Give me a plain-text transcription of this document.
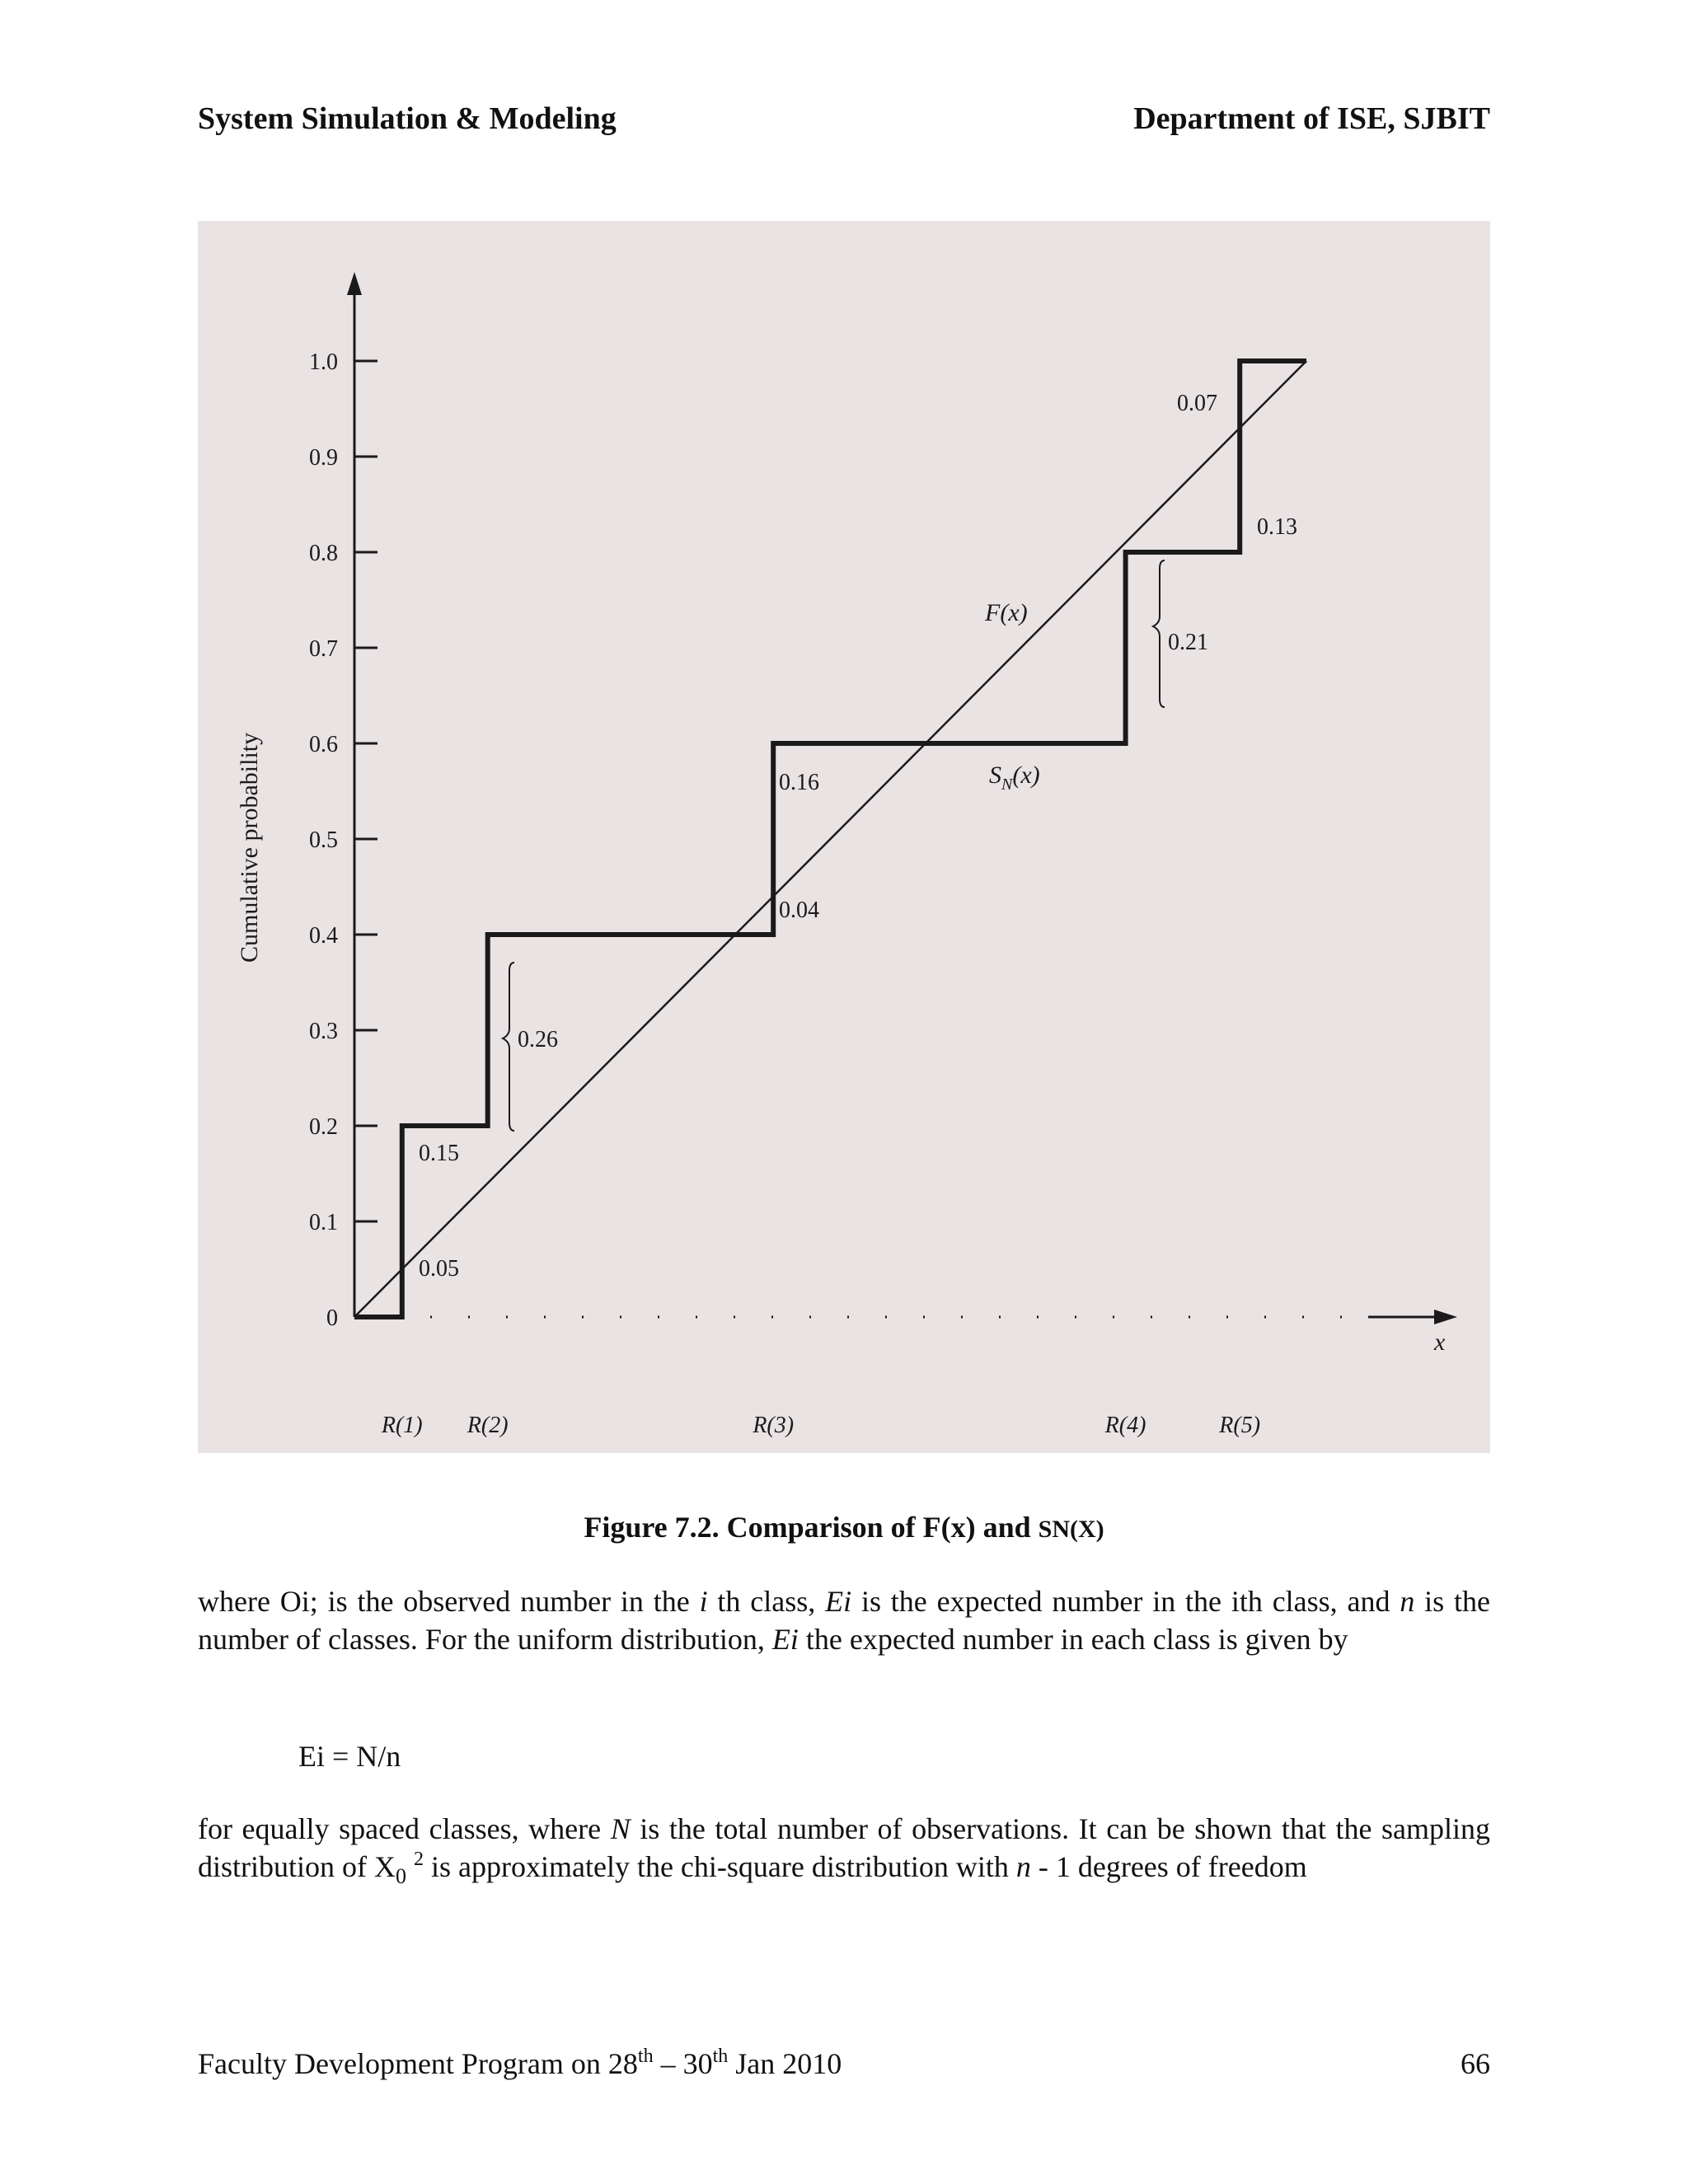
System Simulation & Modeling	Department of ISE, SJBIT
0
0.1
0.2
0.3
0.4
0.5
0.6
0.7
0.8
0.9
1.0
R(1) R(2)	R(3)	R(4)	R(5)
0.05
0.15
0.26
0.04
0.16
0.21
0.13
0.07
Cumulative probability
x
F(x)
$S_N(x)$
Figure 7.2. Comparison of F(x) and SN(X)
where Oi; is the observed number in the i th class, Ei is the expected number in the ith class, and n is the number of classes. For the uniform distribution, Ei the expected number in each class is given by
Ei = N/n
for equally spaced classes, where N is the total number of observations. It can be shown that the sampling distribution of $X_0$ $^2$ is approximately the chi-square distribution with n - 1 degrees of freedom
Faculty Development Program on 28th – 30th Jan 2010	66
